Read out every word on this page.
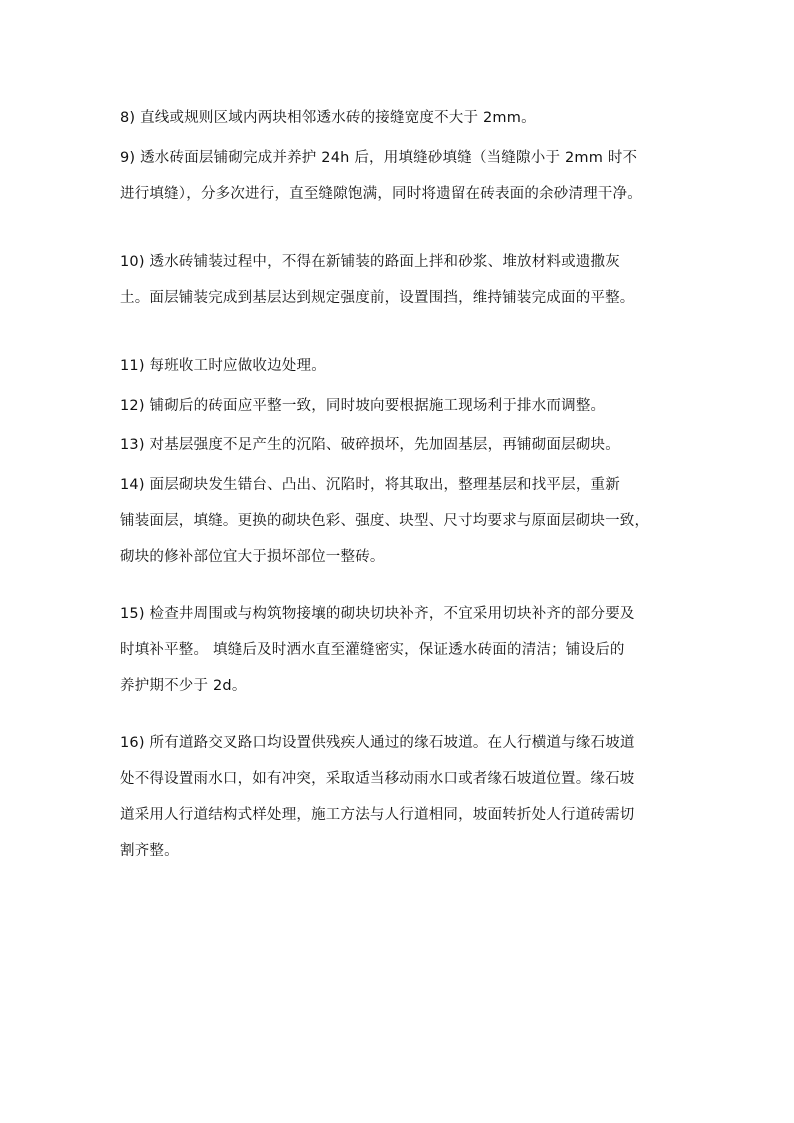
8) 直线或规则区域内两块相邻透水砖的接缝宽度不大于 2mm。

9) 透水砖面层铺砌完成并养护 24h 后，用填缝砂填缝（当缝隙小于 2mm 时不
进行填缝），分多次进行，直至缝隙饱满，同时将遗留在砖表面的余砂清理干净。

10) 透水砖铺装过程中，不得在新铺装的路面上拌和砂浆、堆放材料或遗撒灰
土。面层铺装完成到基层达到规定强度前，设置围挡，维持铺装完成面的平整。

11) 每班收工时应做收边处理。

12) 铺砌后的砖面应平整一致，同时坡向要根据施工现场利于排水而调整。

13) 对基层强度不足产生的沉陷、破碎损坏，先加固基层，再铺砌面层砌块。

14) 面层砌块发生错台、凸出、沉陷时，将其取出，整理基层和找平层，重新
铺装面层，填缝。更换的砌块色彩、强度、块型、尺寸均要求与原面层砌块一致，
砌块的修补部位宜大于损坏部位一整砖。

15) 检查井周围或与构筑物接壤的砌块切块补齐，不宜采用切块补齐的部分要及
时填补平整。 填缝后及时洒水直至灌缝密实，保证透水砖面的清洁；铺设后的
养护期不少于 2d。

16) 所有道路交叉路口均设置供残疾人通过的缘石坡道。在人行横道与缘石坡道
处不得设置雨水口，如有冲突，采取适当移动雨水口或者缘石坡道位置。缘石坡
道采用人行道结构式样处理，施工方法与人行道相同，坡面转折处人行道砖需切
割齐整。
